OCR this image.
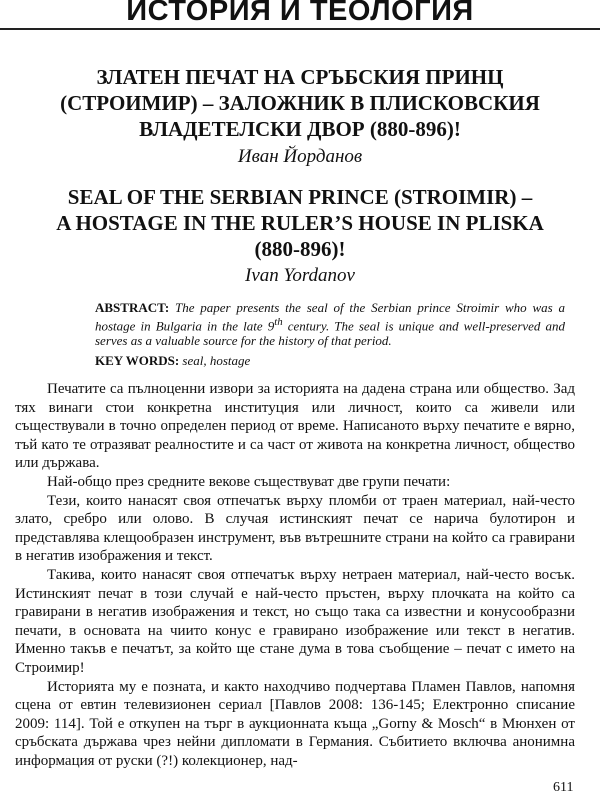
ИСТОРИЯ И ТЕОЛОГИЯ
ЗЛАТЕН ПЕЧАТ НА СРЪБСКИЯ ПРИНЦ
(СТРОИМИР) – ЗАЛОЖНИК В ПЛИСКОВСКИЯ
ВЛАДЕТЕЛСКИ ДВОР (880-896)!
Иван Йорданов
SEAL OF THE SERBIAN PRINCE (STROIMIR) –
A HOSTAGE IN THE RULER’S HOUSE IN PLISKA
(880-896)!
Ivan Yordanov
ABSTRACT: The paper presents the seal of the Serbian prince Stroimir who was a hostage in Bulgaria in the late 9th century. The seal is unique and well-preserved and serves as a valuable source for the history of that period.
KEY WORDS: seal, hostage

Печатите са пълноценни извори за историята на дадена страна или общество. Зад тях винаги стои конкретна институция или личност, които са живели или съществували в точно определен период от време. Написаното върху печатите е вярно, тъй като те отразяват реалностите и са част от живота на конкретна личност, общество или държава.

Най-общо през средните векове съществуват две групи печати:

Тези, които нанасят своя отпечатък върху пломби от траен материал, най-често злато, сребро или олово. В случая истинският печат се нарича булотирон и представлява клещообразен инструмент, във вътрешните страни на който са гравирани в негатив изображения и текст.

Такива, които нанасят своя отпечатък върху нетраен материал, най-често восък. Истинският печат в този случай е най-често пръстен, върху плочката на който са гравирани в негатив изображения и текст, но също така са известни и конусообразни печати, в основата на чиито конус е гравирано изображение или текст в негатив. Именно такъв е печатът, за който ще стане дума в това съобщение – печат с името на Строимир!

Историята му е позната, и както находчиво подчертава Пламен Павлов, напомня сцена от евтин телевизионен сериал [Павлов 2008: 136-145; Електронно списание 2009: 114]. Той е откупен на търг в аукционната къща „Gorny & Mosch“ в Мюнхен от сръбската държава чрез нейни дипломати в Германия. Събитието включва анонимна информация от руски (?!) колекционер, над-

611
